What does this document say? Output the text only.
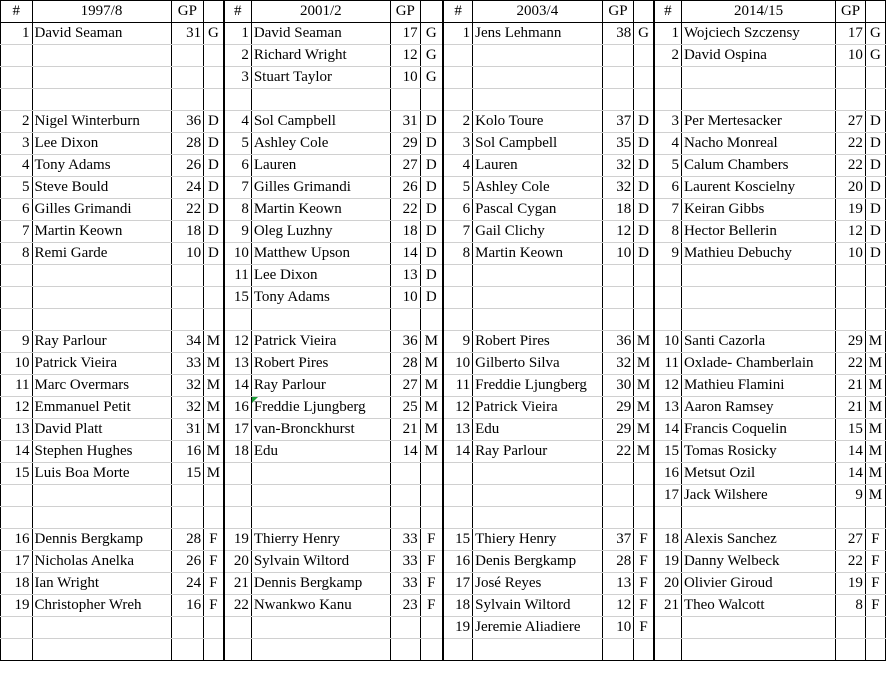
#	1997/8	GP		#	2001/2	GP		#	2003/4	GP		#	2014/15	GP	
1	David Seaman	31	G	1	David Seaman	17	G	1	Jens Lehmann	38	G	1	Wojciech Szczensy	17	G
				2	Richard Wright	12	G					2	David Ospina	10	G
				3	Stuart Taylor	10	G								

2	Nigel Winterburn	36	D	4	Sol Campbell	31	D	2	Kolo Toure	37	D	3	Per Mertesacker	27	D
3	Lee Dixon	28	D	5	Ashley Cole	29	D	3	Sol Campbell	35	D	4	Nacho Monreal	22	D
4	Tony Adams	26	D	6	Lauren	27	D	4	Lauren	32	D	5	Calum Chambers	22	D
5	Steve Bould	24	D	7	Gilles Grimandi	26	D	5	Ashley Cole	32	D	6	Laurent Koscielny	20	D
6	Gilles Grimandi	22	D	8	Martin Keown	22	D	6	Pascal Cygan	18	D	7	Keiran Gibbs	19	D
7	Martin Keown	18	D	9	Oleg Luzhny	18	D	7	Gail Clichy	12	D	8	Hector Bellerin	12	D
8	Remi Garde	10	D	10	Matthew Upson	14	D	8	Martin Keown	10	D	9	Mathieu Debuchy	10	D
				11	Lee Dixon	13	D								
				15	Tony Adams	10	D								

9	Ray Parlour	34	M	12	Patrick Vieira	36	M	9	Robert Pires	36	M	10	Santi Cazorla	29	M
10	Patrick Vieira	33	M	13	Robert Pires	28	M	10	Gilberto Silva	32	M	11	Oxlade- Chamberlain	22	M
11	Marc Overmars	32	M	14	Ray Parlour	27	M	11	Freddie Ljungberg	30	M	12	Mathieu Flamini	21	M
12	Emmanuel Petit	32	M	16	Freddie Ljungberg	25	M	12	Patrick Vieira	29	M	13	Aaron Ramsey	21	M
13	David Platt	31	M	17	van-Bronckhurst	21	M	13	Edu	29	M	14	Francis Coquelin	15	M
14	Stephen Hughes	16	M	18	Edu	14	M	14	Ray Parlour	22	M	15	Tomas Rosicky	14	M
15	Luis Boa Morte	15	M									16	Metsut Ozil	14	M
												17	Jack Wilshere	9	M

16	Dennis Bergkamp	28	F	19	Thierry Henry	33	F	15	Thiery Henry	37	F	18	Alexis Sanchez	27	F
17	Nicholas Anelka	26	F	20	Sylvain Wiltord	33	F	16	Denis Bergkamp	28	F	19	Danny Welbeck	22	F
18	Ian Wright	24	F	21	Dennis Bergkamp	33	F	17	José Reyes	13	F	20	Olivier Giroud	19	F
19	Christopher Wreh	16	F	22	Nwankwo Kanu	23	F	18	Sylvain Wiltord	12	F	21	Theo Walcott	8	F
								19	Jeremie Aliadiere	10	F				
